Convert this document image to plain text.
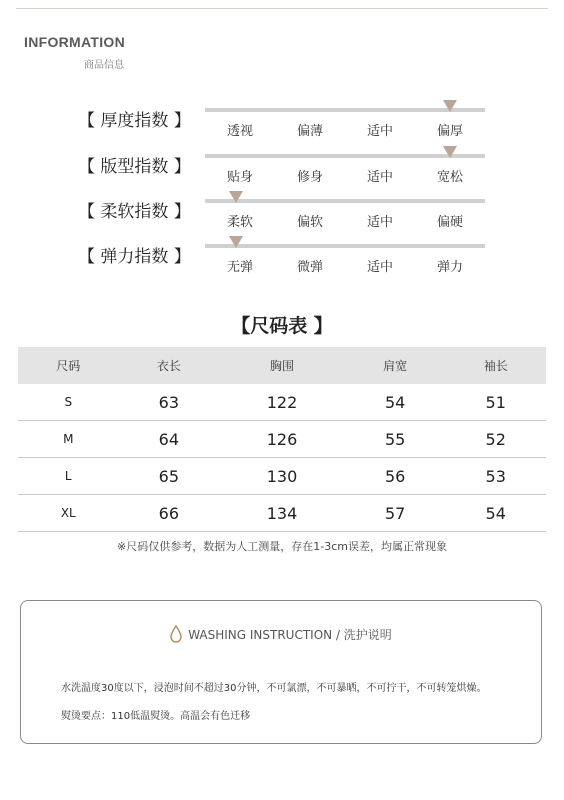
INFORMATION
商品信息
【 厚度指数 】
透视	偏薄	适中	偏厚
【 版型指数 】
贴身	修身	适中	宽松
【 柔软指数 】
柔软	偏软	适中	偏硬
【 弹力指数 】
无弹	微弹	适中	弹力
【尺码表 】
尺码	衣长	胸围	肩宽	袖长
S	63	122	54	51
M	64	126	55	52
L	65	130	56	53
XL	66	134	57	54
※尺码仅供参考，数据为人工测量，存在1-3cm误差，均属正常现象
WASHING INSTRUCTION / 洗护说明
水洗温度30度以下，浸泡时间不超过30分钟，不可氯漂，不可暴晒，不可拧干，不可转笼烘燥。
熨烫要点：110低温熨烫。高温会有色迁移
